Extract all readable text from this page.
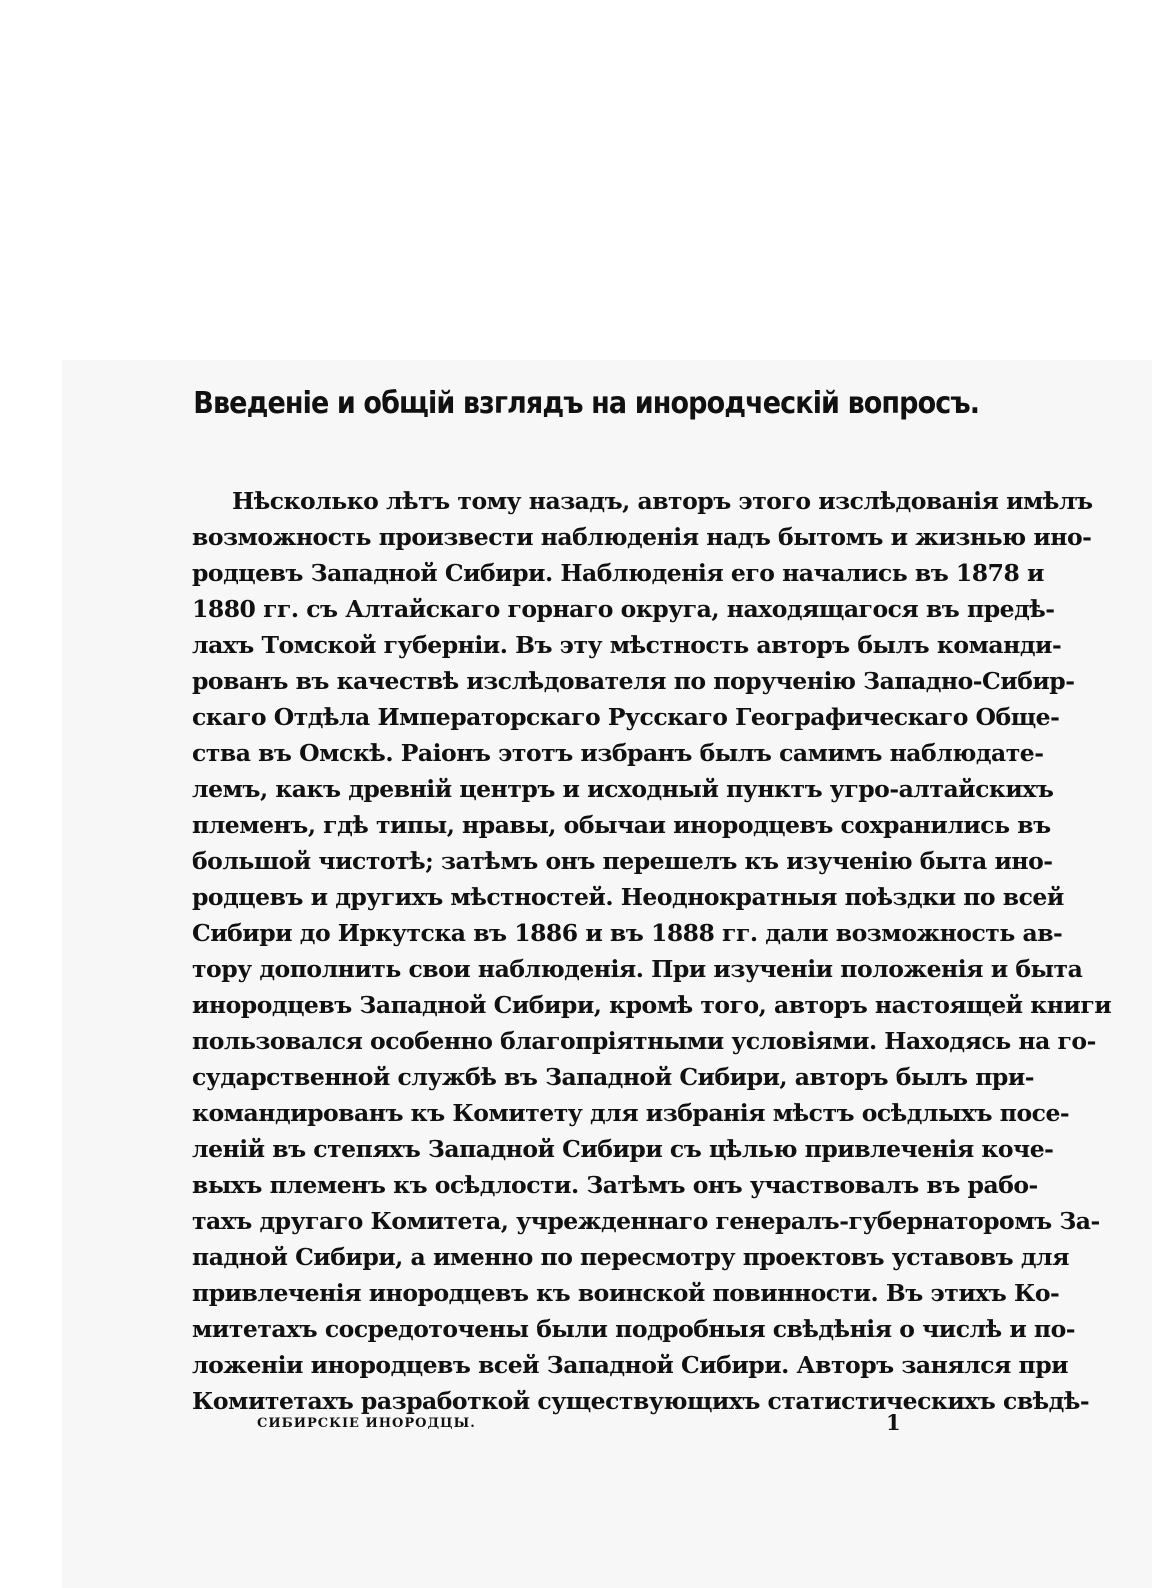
Введеніе и общій взглядъ на инородческій вопросъ.
Нѣсколько лѣтъ тому назадъ, авторъ этого изслѣдованія имѣлъ
возможность произвести наблюденія надъ бытомъ и жизнью ино-
родцевъ Западной Сибири. Наблюденія его начались въ 1878 и
1880 гг. съ Алтайскаго горнаго округа, находящагося въ предѣ-
лахъ Томской губерніи. Въ эту мѣстность авторъ былъ команди-
рованъ въ качествѣ изслѣдователя по порученію Западно-Сибир-
скаго Отдѣла Императорскаго Русскаго Географическаго Обще-
ства въ Омскѣ. Раіонъ этотъ избранъ былъ самимъ наблюдате-
лемъ, какъ древній центръ и исходный пунктъ угро-алтайскихъ
племенъ, гдѣ типы, нравы, обычаи инородцевъ сохранились въ
большой чистотѣ; затѣмъ онъ перешелъ къ изученію быта ино-
родцевъ и другихъ мѣстностей. Неоднократныя поѣздки по всей
Сибири до Иркутска въ 1886 и въ 1888 гг. дали возможность ав-
тору дополнить свои наблюденія. При изученіи положенія и быта
инородцевъ Западной Сибири, кромѣ того, авторъ настоящей книги
пользовался особенно благопріятными условіями. Находясь на го-
сударственной службѣ въ Западной Сибири, авторъ былъ при-
командированъ къ Комитету для избранія мѣстъ осѣдлыхъ посе-
леній въ степяхъ Западной Сибири съ цѣлью привлеченія коче-
выхъ племенъ къ осѣдлости. Затѣмъ онъ участвовалъ въ рабо-
тахъ другаго Комитета, учрежденнаго генералъ-губернаторомъ За-
падной Сибири, а именно по пересмотру проектовъ уставовъ для
привлеченія инородцевъ къ воинской повинности. Въ этихъ Ко-
митетахъ сосредоточены были подробныя свѣдѣнія о числѣ и по-
ложеніи инородцевъ всей Западной Сибири. Авторъ занялся при
Комитетахъ разработкой существующихъ статистическихъ свѣдѣ-
СИБИРСКІЕ ИНОРОДЦЫ.	1
